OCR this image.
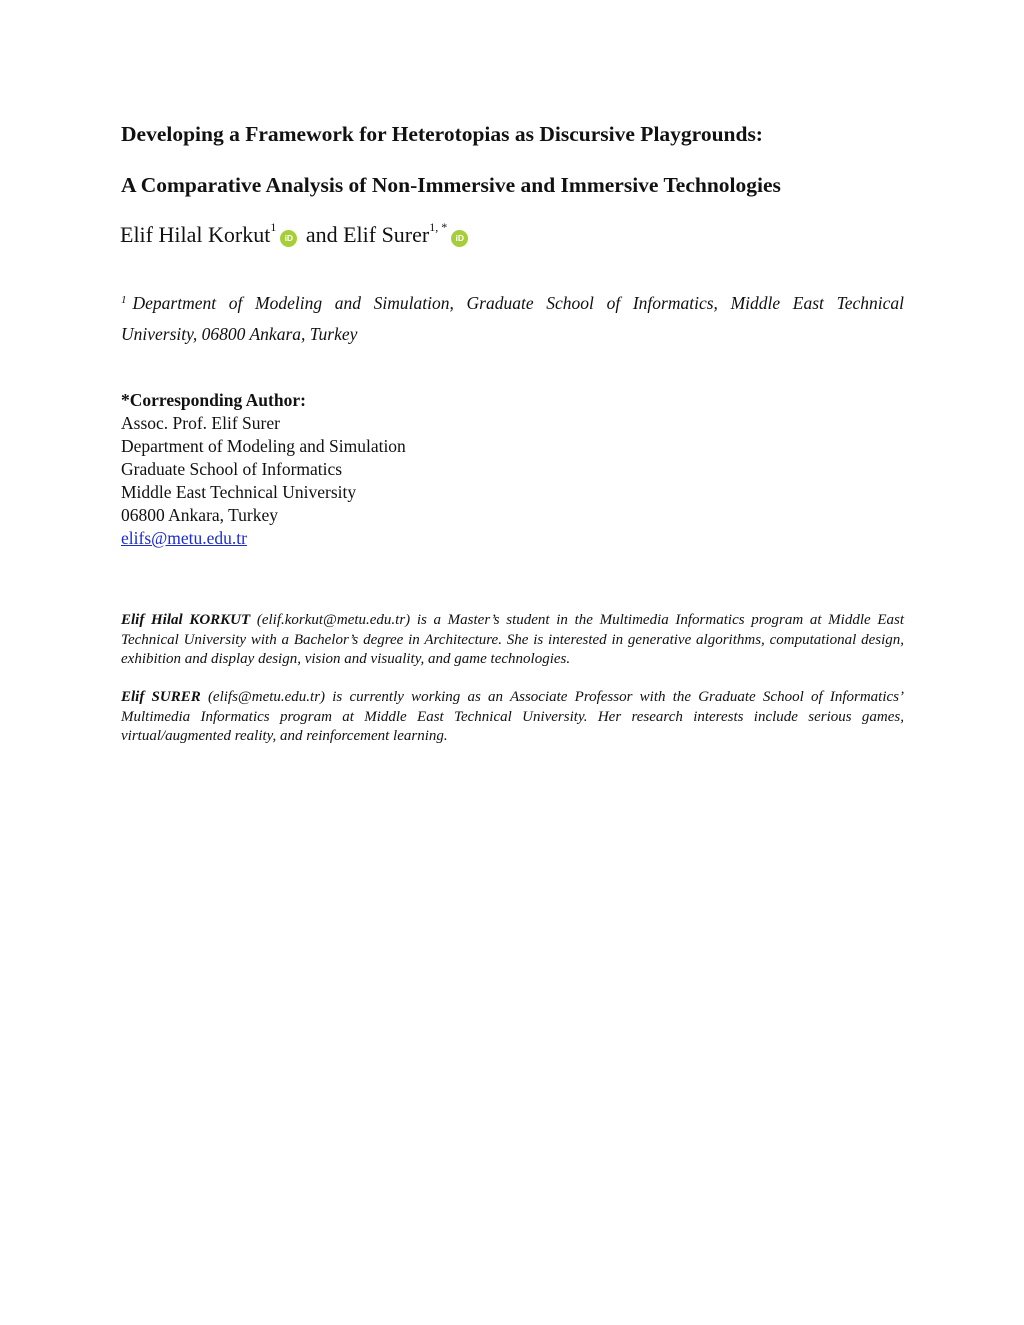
Developing a Framework for Heterotopias as Discursive Playgrounds:
A Comparative Analysis of Non-Immersive and Immersive Technologies
Elif Hilal Korkut$^1$iD and Elif Surer$^{1, *}$iD
$^1$ Department of Modeling and Simulation, Graduate School of Informatics, Middle East Technical
University, 06800 Ankara, Turkey
*Corresponding Author:
Assoc. Prof. Elif Surer
Department of Modeling and Simulation
Graduate School of Informatics
Middle East Technical University
06800 Ankara, Turkey
elifs@metu.edu.tr
Elif Hilal KORKUT (elif.korkut@metu.edu.tr) is a Master’s student in the Multimedia Informatics program at Middle East Technical University with a Bachelor’s degree in Architecture. She is interested in generative algorithms, computational design, exhibition and display design, vision and visuality, and game technologies.
Elif SURER (elifs@metu.edu.tr) is currently working as an Associate Professor with the Graduate School of Informatics’ Multimedia Informatics program at Middle East Technical University. Her research interests include serious games, virtual/augmented reality, and reinforcement learning.
